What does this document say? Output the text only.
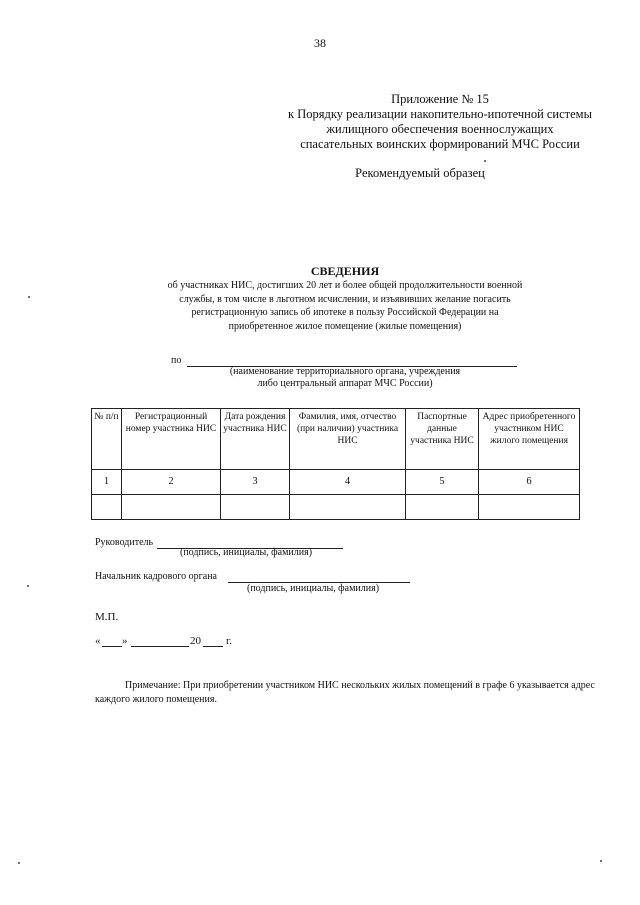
38
Приложение № 15
к Порядку реализации накопительно-ипотечной системы
жилищного обеспечения военнослужащих
спасательных воинских формирований МЧС России
Рекомендуемый образец
СВЕДЕНИЯ
об участниках НИС, достигших 20 лет и более общей продолжительности военной службы, в том числе в льготном исчислении, и изъявивших желание погасить регистрационную запись об ипотеке в пользу Российской Федерации на приобретенное жилое помещение (жилые помещения)
по
(наименование территориального органа, учреждения
либо центральный аппарат МЧС России)
№ п/п	Регистрационный номер участника НИС	Дата рождения участника НИС	Фамилия, имя, отчество (при наличии) участника НИС	Паспортные данные участника НИС	Адрес приобретенного участником НИС жилого помещения
1	2	3	4	5	6

Руководитель
(подпись, инициалы, фамилия)
Начальник кадрового органа
(подпись, инициалы, фамилия)
М.П.
« »	20 г.
Примечание: При приобретении участником НИС нескольких жилых помещений в графе 6 указывается адрес каждого жилого помещения.
